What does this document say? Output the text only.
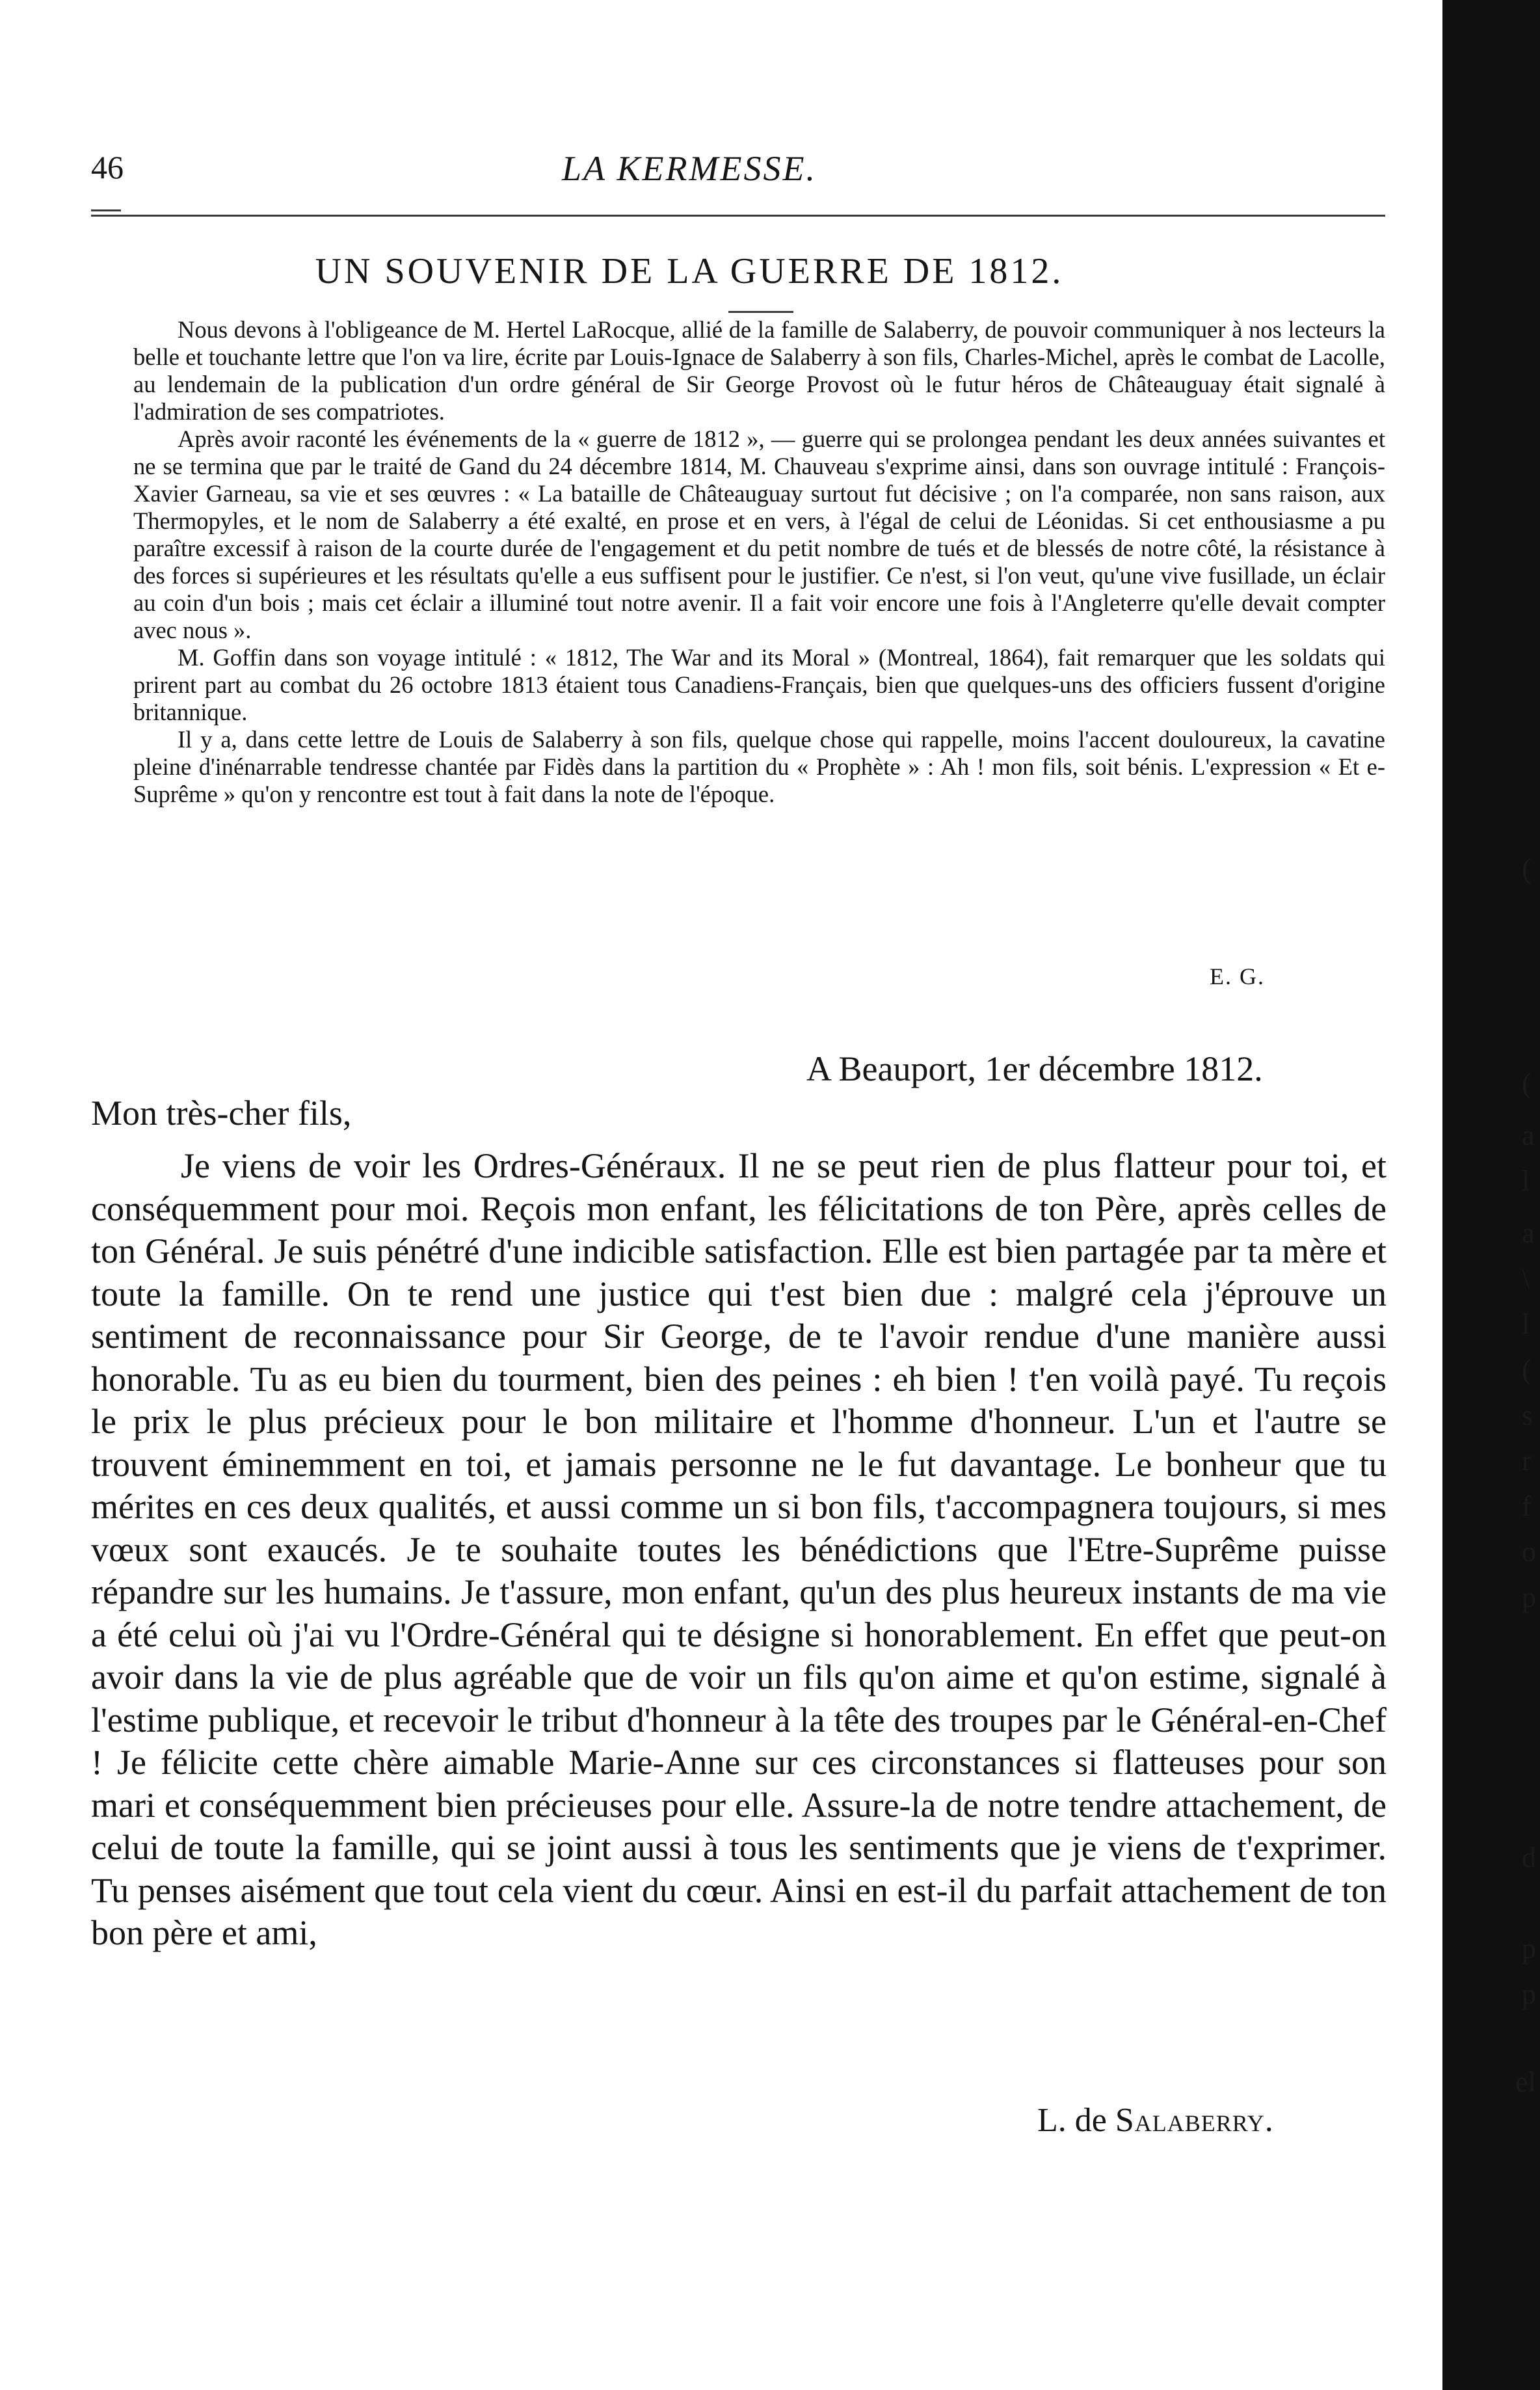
46	LA KERMESSE.
UN SOUVENIR DE LA GUERRE DE 1812.

Nous devons à l'obligeance de M. Hertel LaRocque, allié de la famille de Salaberry, de pouvoir communiquer à nos lecteurs la belle et touchante lettre que l'on va lire, écrite par Louis-Ignace de Salaberry à son fils, Charles-Michel, après le combat de Lacolle, au lendemain de la publication d'un ordre général de Sir George Provost où le futur héros de Châteauguay était signalé à l'admiration de ses compatriotes.

Après avoir raconté les événements de la « guerre de 1812 », — guerre qui se prolongea pendant les deux années suivantes et ne se termina que par le traité de Gand du 24 décembre 1814, M. Chauveau s'exprime ainsi, dans son ouvrage intitulé : François-Xavier Garneau, sa vie et ses œuvres : « La bataille de Châteauguay surtout fut décisive ; on l'a comparée, non sans raison, aux Thermopyles, et le nom de Salaberry a été exalté, en prose et en vers, à l'égal de celui de Léonidas. Si cet enthousiasme a pu paraître excessif à raison de la courte durée de l'engagement et du petit nombre de tués et de blessés de notre côté, la résistance à des forces si supérieures et les résultats qu'elle a eus suffisent pour le justifier. Ce n'est, si l'on veut, qu'une vive fusillade, un éclair au coin d'un bois ; mais cet éclair a illuminé tout notre avenir. Il a fait voir encore une fois à l'Angleterre qu'elle devait compter avec nous ».

M. Goffin dans son voyage intitulé : « 1812, The War and its Moral » (Montreal, 1864), fait remarquer que les soldats qui prirent part au combat du 26 octobre 1813 étaient tous Canadiens-Français, bien que quelques-uns des officiers fussent d'origine britannique.

Il y a, dans cette lettre de Louis de Salaberry à son fils, quelque chose qui rappelle, moins l'accent douloureux, la cavatine pleine d'inénarrable tendresse chantée par Fidès dans la partition du « Prophète » : Ah ! mon fils, soit bénis. L'expression « Et e-Suprême » qu'on y rencontre est tout à fait dans la note de l'époque.

E. G.
A Beauport, 1er décembre 1812.
Mon très-cher fils,

Je viens de voir les Ordres-Généraux. Il ne se peut rien de plus flatteur pour toi, et conséquemment pour moi. Reçois mon enfant, les félicitations de ton Père, après celles de ton Général. Je suis pénétré d'une indicible satisfaction. Elle est bien partagée par ta mère et toute la famille. On te rend une justice qui t'est bien due : malgré cela j'éprouve un sentiment de reconnaissance pour Sir George, de te l'avoir rendue d'une manière aussi honorable. Tu as eu bien du tourment, bien des peines : eh bien ! t'en voilà payé. Tu reçois le prix le plus précieux pour le bon militaire et l'homme d'honneur. L'un et l'autre se trouvent éminemment en toi, et jamais personne ne le fut davantage. Le bonheur que tu mérites en ces deux qualités, et aussi comme un si bon fils, t'accompagnera toujours, si mes vœux sont exaucés. Je te souhaite toutes les bénédictions que l'Etre-Suprême puisse répandre sur les humains. Je t'assure, mon enfant, qu'un des plus heureux instants de ma vie a été celui où j'ai vu l'Ordre-Général qui te désigne si honorablement. En effet que peut-on avoir dans la vie de plus agréable que de voir un fils qu'on aime et qu'on estime, signalé à l'estime publique, et recevoir le tribut d'honneur à la tête des troupes par le Général-en-Chef ! Je félicite cette chère aimable Marie-Anne sur ces circonstances si flatteuses pour son mari et conséquemment bien précieuses pour elle. Assure-la de notre tendre attachement, de celui de toute la famille, qui se joint aussi à tous les sentiments que je viens de t'exprimer. Tu penses aisément que tout cela vient du cœur. Ainsi en est-il du parfait attachement de ton bon père et ami,

L. de Salaberry.
(
(
a
l
a
\
l
(
s
r
f
o
p
d
p
p
el
